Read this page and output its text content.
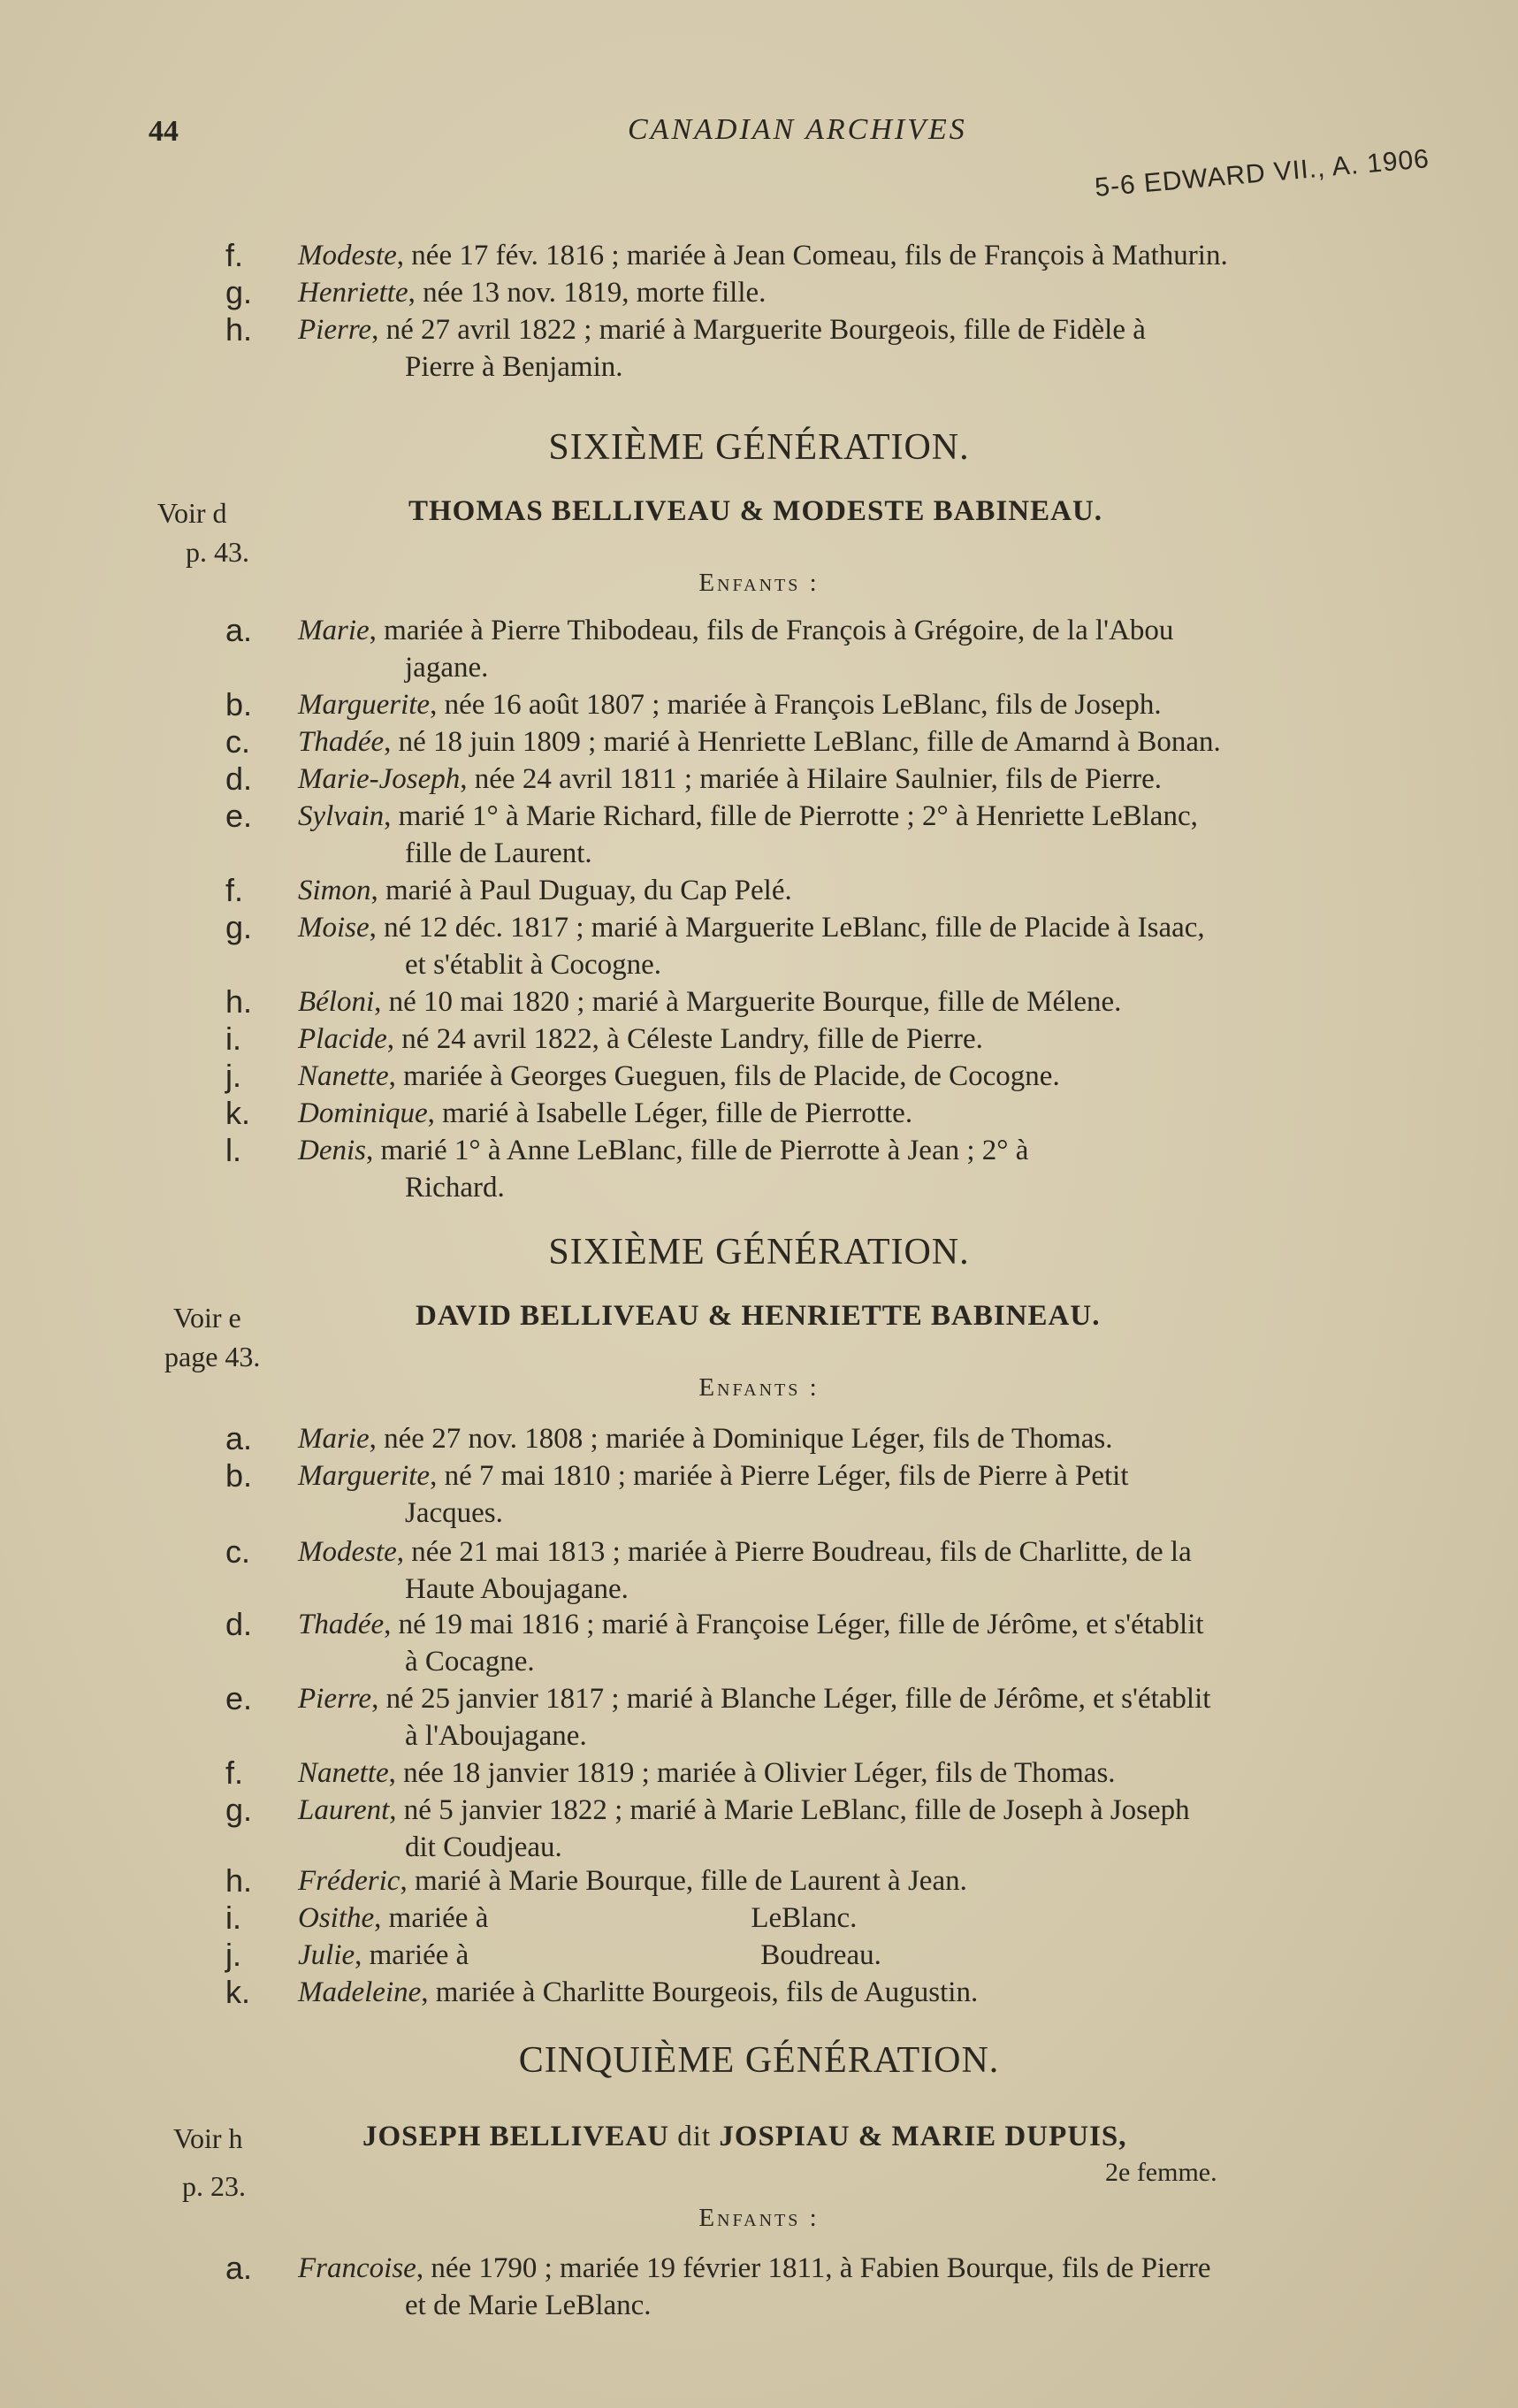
44	CANADIAN ARCHIVES
5-6 EDWARD VII., A. 1906
f. Modeste, née 17 fév. 1816 ; mariée à Jean Comeau, fils de François à Mathurin.
g. Henriette, née 13 nov. 1819, morte fille.
h. Pierre, né 27 avril 1822 ; marié à Marguerite Bourgeois, fille de Fidèle à
Pierre à Benjamin.
SIXIÈME GÉNÉRATION.
Voir d
p. 43.
THOMAS BELLIVEAU & MODESTE BABINEAU.
Enfants :
a. Marie, mariée à Pierre Thibodeau, fils de François à Grégoire, de la l'Abou
jagane.
b. Marguerite, née 16 août 1807 ; mariée à François LeBlanc, fils de Joseph.
c. Thadée, né 18 juin 1809 ; marié à Henriette LeBlanc, fille de Amarnd à Bonan.
d. Marie-Joseph, née 24 avril 1811 ; mariée à Hilaire Saulnier, fils de Pierre.
e. Sylvain, marié 1° à Marie Richard, fille de Pierrotte ; 2° à Henriette LeBlanc,
fille de Laurent.
f. Simon, marié à Paul Duguay, du Cap Pelé.
g. Moise, né 12 déc. 1817 ; marié à Marguerite LeBlanc, fille de Placide à Isaac,
et s'établit à Cocogne.
h. Béloni, né 10 mai 1820 ; marié à Marguerite Bourque, fille de Mélene.
i. Placide, né 24 avril 1822, à Céleste Landry, fille de Pierre.
j. Nanette, mariée à Georges Gueguen, fils de Placide, de Cocogne.
k. Dominique, marié à Isabelle Léger, fille de Pierrotte.
l. Denis, marié 1° à Anne LeBlanc, fille de Pierrotte à Jean ; 2° à
Richard.
SIXIÈME GÉNÉRATION.
Voir e
page 43.
DAVID BELLIVEAU & HENRIETTE BABINEAU.
Enfants :
a. Marie, née 27 nov. 1808 ; mariée à Dominique Léger, fils de Thomas.
b. Marguerite, né 7 mai 1810 ; mariée à Pierre Léger, fils de Pierre à Petit
Jacques.
c. Modeste, née 21 mai 1813 ; mariée à Pierre Boudreau, fils de Charlitte, de la
Haute Aboujagane.
d. Thadée, né 19 mai 1816 ; marié à Françoise Léger, fille de Jérôme, et s'établit
à Cocagne.
e. Pierre, né 25 janvier 1817 ; marié à Blanche Léger, fille de Jérôme, et s'établit
à l'Aboujagane.
f. Nanette, née 18 janvier 1819 ; mariée à Olivier Léger, fils de Thomas.
g. Laurent, né 5 janvier 1822 ; marié à Marie LeBlanc, fille de Joseph à Joseph
dit Coudjeau.
h. Fréderic, marié à Marie Bourque, fille de Laurent à Jean.
i. Osithe, mariée à                                    LeBlanc.
j. Julie, mariée à                                        Boudreau.
k. Madeleine, mariée à Charlitte Bourgeois, fils de Augustin.
CINQUIÈME GÉNÉRATION.
Voir h
p. 23.
JOSEPH BELLIVEAU dit JOSPIAU & MARIE DUPUIS,
2e femme.
Enfants :
a. Francoise, née 1790 ; mariée 19 février 1811, à Fabien Bourque, fils de Pierre
et de Marie LeBlanc.
